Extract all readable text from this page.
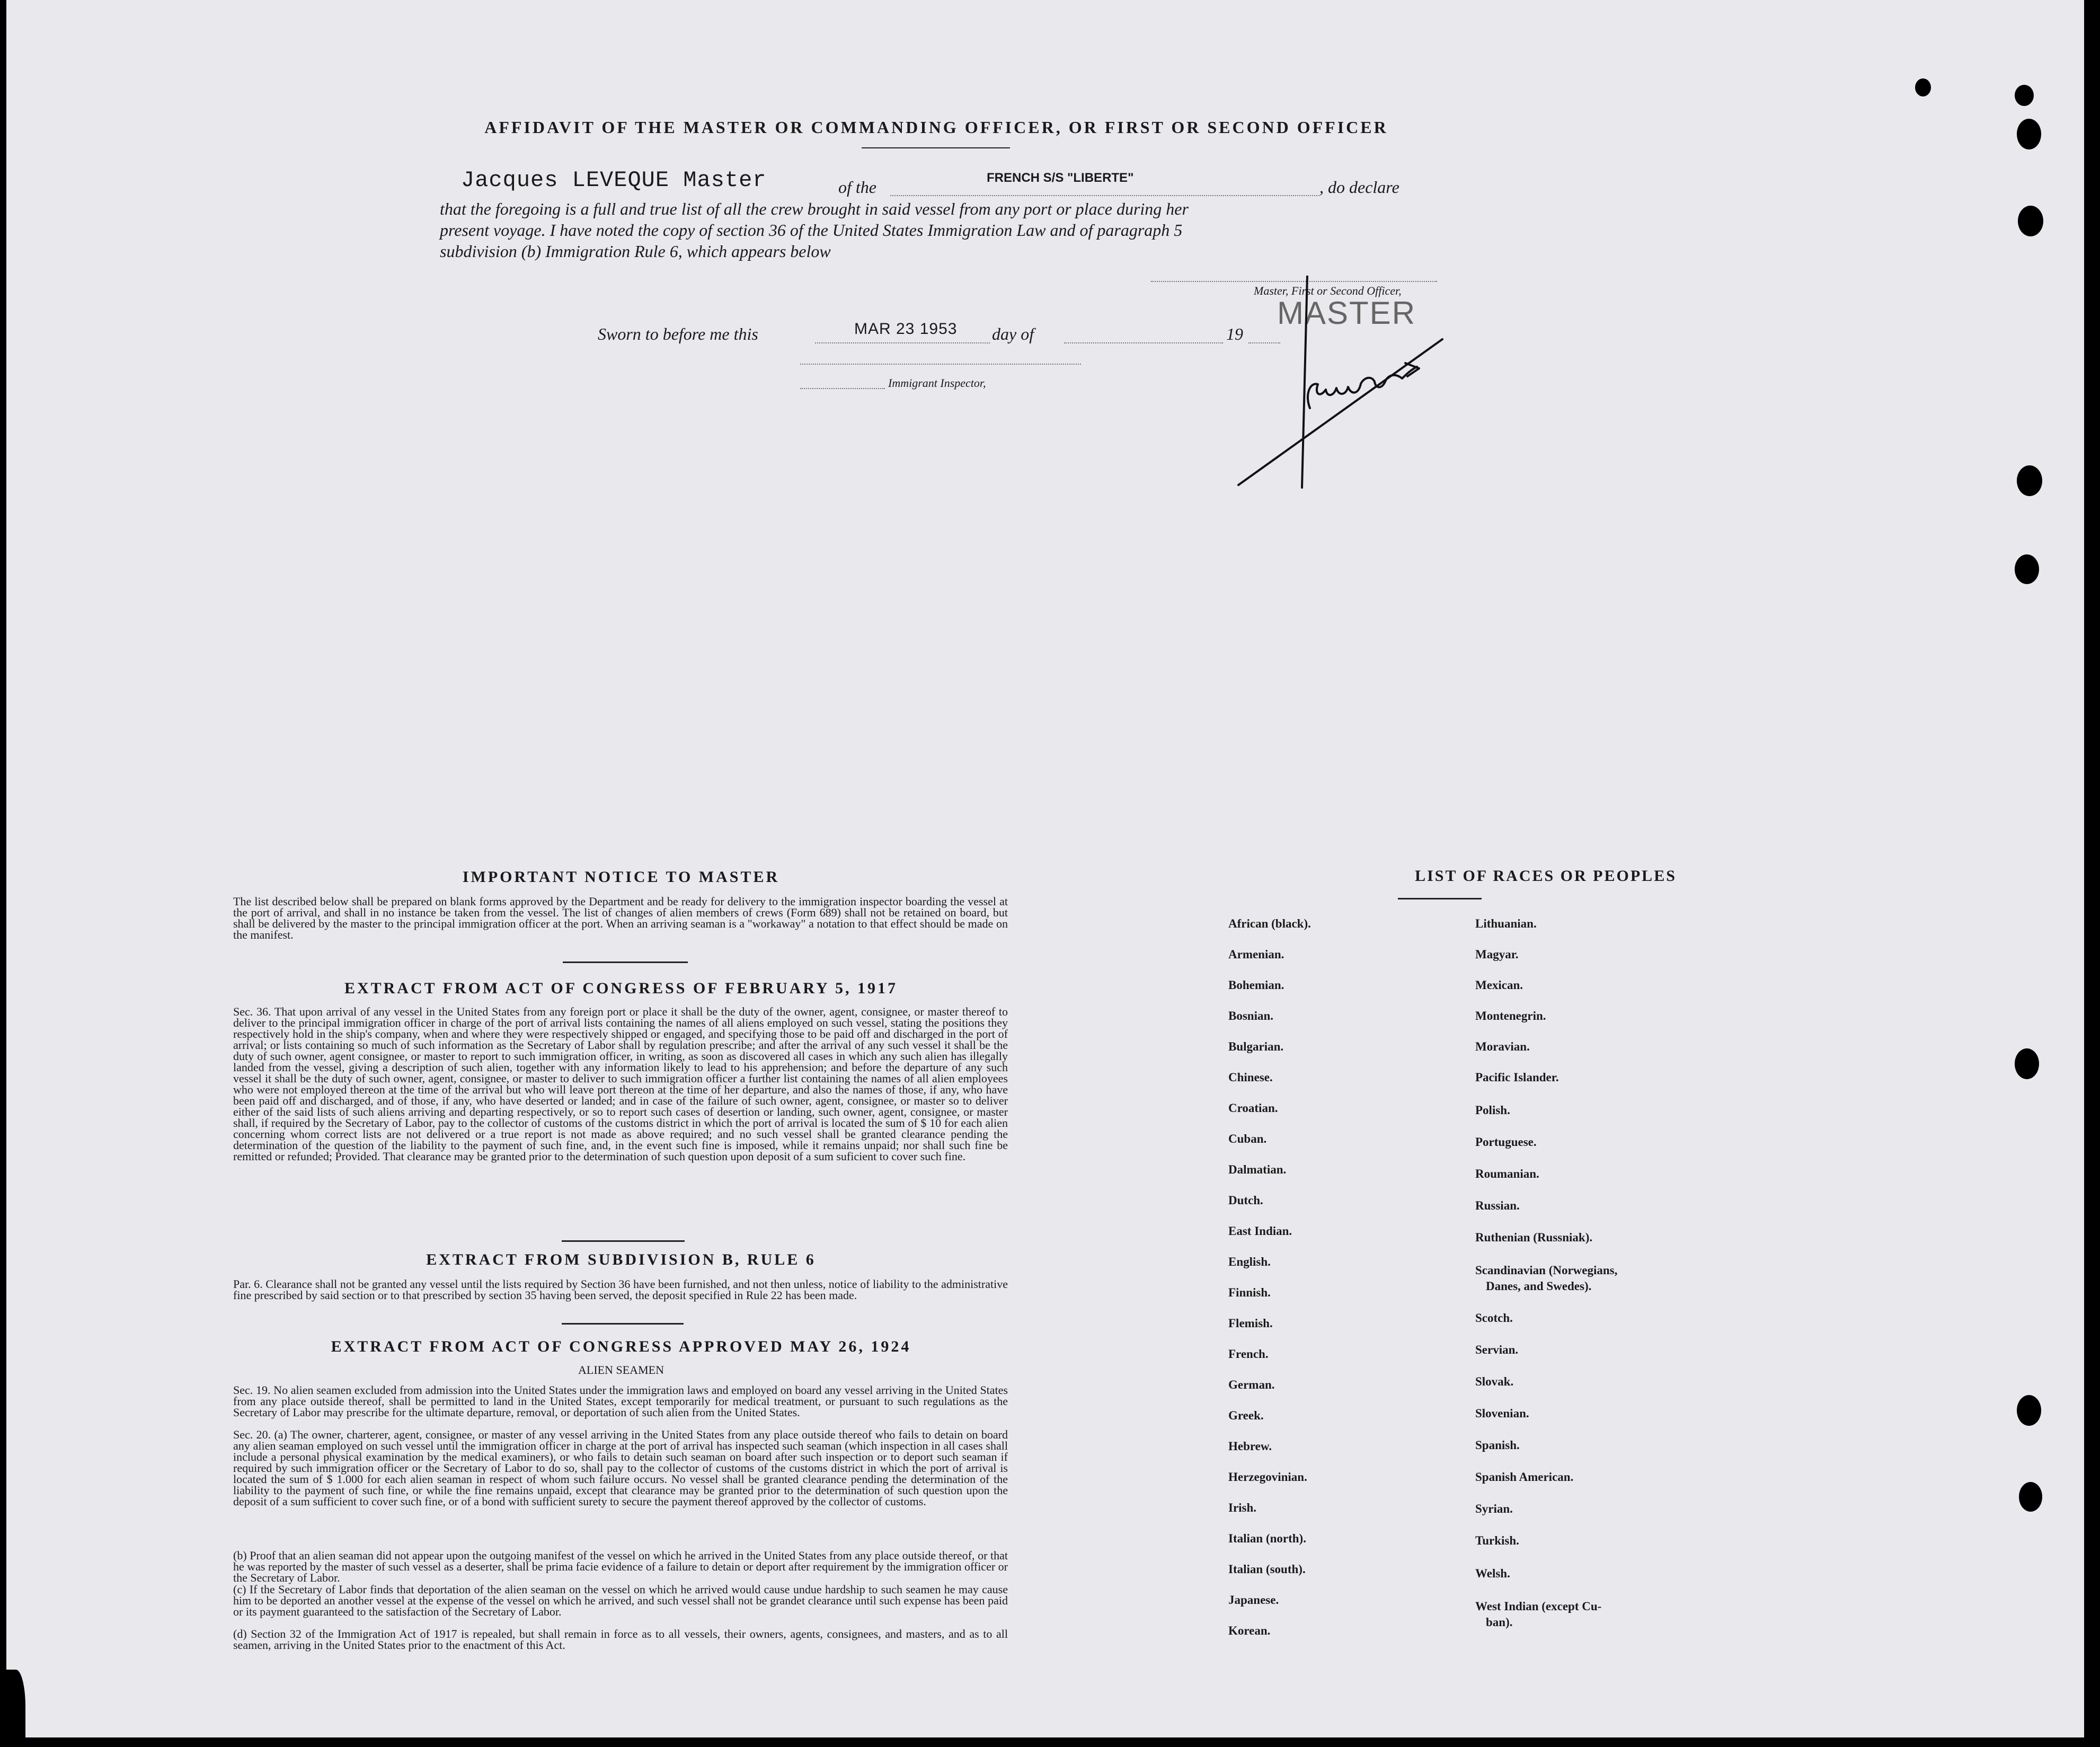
AFFIDAVIT OF THE MASTER OR COMMANDING OFFICER, OR FIRST OR SECOND OFFICER
Jacques LEVEQUE Master	of the	FRENCH S/S "LIBERTE"	, do declare
that the foregoing is a full and true list of all the crew brought in said vessel from any port or place during her
present voyage. I have noted the copy of section 36 of the United States Immigration Law and of paragraph 5
subdivision (b) Immigration Rule 6, which appears below
Master, First or Second Officer,
MASTER
Sworn to before me this	MAR 23 1953 day of	19
Immigrant Inspector,
IMPORTANT NOTICE TO MASTER

The list described below shall be prepared on blank forms approved by the Department and be ready for delivery to the immigration inspector boarding the vessel at the port of arrival, and shall in no instance be taken from the vessel. The list of changes of alien members of crews (Form 689) shall not be retained on board, but shall be delivered by the master to the principal immigration officer at the port. When an arriving seaman is a "workaway" a notation to that effect should be made on the manifest.

EXTRACT FROM ACT OF CONGRESS OF FEBRUARY 5, 1917

Sec. 36. That upon arrival of any vessel in the United States from any foreign port or place it shall be the duty of the owner, agent, consignee, or master thereof to deliver to the principal immigration officer in charge of the port of arrival lists containing the names of all aliens employed on such vessel, stating the positions they respectively hold in the ship's company, when and where they were respectively shipped or engaged, and specifying those to be paid off and discharged in the port of arrival; or lists containing so much of such information as the Secretary of Labor shall by regulation prescribe; and after the arrival of any such vessel it shall be the duty of such owner, agent consignee, or master to report to such immigration officer, in writing, as soon as discovered all cases in which any such alien has illegally landed from the vessel, giving a description of such alien, together with any information likely to lead to his apprehension; and before the departure of any such vessel it shall be the duty of such owner, agent, consignee, or master to deliver to such immigration officer a further list containing the names of all alien employees who were not employed thereon at the time of the arrival but who will leave port thereon at the time of her departure, and also the names of those, if any, who have been paid off and discharged, and of those, if any, who have deserted or landed; and in case of the failure of such owner, agent, consignee, or master so to deliver either of the said lists of such aliens arriving and departing respectively, or so to report such cases of desertion or landing, such owner, agent, consignee, or master shall, if required by the Secretary of Labor, pay to the collector of customs of the customs district in which the port of arrival is located the sum of $ 10 for each alien concerning whom correct lists are not delivered or a true report is not made as above required; and no such vessel shall be granted clearance pending the determination of the question of the liability to the payment of such fine, and, in the event such fine is imposed, while it remains unpaid; nor shall such fine be remitted or refunded; Provided. That clearance may be granted prior to the determination of such question upon deposit of a sum suficient to cover such fine.

EXTRACT FROM SUBDIVISION B, RULE 6

Par. 6. Clearance shall not be granted any vessel until the lists required by Section 36 have been furnished, and not then unless, notice of liability to the administrative fine prescribed by said section or to that prescribed by section 35 having been served, the deposit specified in Rule 22 has been made.

EXTRACT FROM ACT OF CONGRESS APPROVED MAY 26, 1924
ALIEN SEAMEN

Sec. 19. No alien seamen excluded from admission into the United States under the immigration laws and employed on board any vessel arriving in the United States from any place outside thereof, shall be permitted to land in the United States, except temporarily for medical treatment, or pursuant to such regulations as the Secretary of Labor may prescribe for the ultimate departure, removal, or deportation of such alien from the United States.

Sec. 20. (a) The owner, charterer, agent, consignee, or master of any vessel arriving in the United States from any place outside thereof who fails to detain on board any alien seaman employed on such vessel until the immigration officer in charge at the port of arrival has inspected such seaman (which inspection in all cases shall include a personal physical examination by the medical examiners), or who fails to detain such seaman on board after such inspection or to deport such seaman if required by such immigration officer or the Secretary of Labor to do so, shall pay to the collector of customs of the customs district in which the port of arrival is located the sum of $ 1.000 for each alien seaman in respect of whom such failure occurs. No vessel shall be granted clearance pending the determination of the liability to the payment of such fine, or while the fine remains unpaid, except that clearance may be granted prior to the determination of such question upon the deposit of a sum sufficient to cover such fine, or of a bond with sufficient surety to secure the payment thereof approved by the collector of customs.

(b) Proof that an alien seaman did not appear upon the outgoing manifest of the vessel on which he arrived in the United States from any place outside thereof, or that he was reported by the master of such vessel as a deserter, shall be prima facie evidence of a failure to detain or deport after requirement by the immigration officer or the Secretary of Labor.

(c) If the Secretary of Labor finds that deportation of the alien seaman on the vessel on which he arrived would cause undue hardship to such seamen he may cause him to be deported an another vessel at the expense of the vessel on which he arrived, and such vessel shall not be grandet clearance until such expense has been paid or its payment guaranteed to the satisfaction of the Secretary of Labor.

(d) Section 32 of the Immigration Act of 1917 is repealed, but shall remain in force as to all vessels, their owners, agents, consignees, and masters, and as to all seamen, arriving in the United States prior to the enactment of this Act.

LIST OF RACES OR PEOPLES
African (black).
Armenian.
Bohemian.
Bosnian.
Bulgarian.
Chinese.
Croatian.
Cuban.
Dalmatian.
Dutch.
East Indian.
English.
Finnish.
Flemish.
French.
German.
Greek.
Hebrew.
Herzegovinian.
Irish.
Italian (north).
Italian (south).
Japanese.
Korean.
Lithuanian.
Magyar.
Mexican.
Montenegrin.
Moravian.
Pacific Islander.
Polish.
Portuguese.
Roumanian.
Russian.
Ruthenian (Russniak).
Scandinavian (Norwegians,
Danes, and Swedes).
Scotch.
Servian.
Slovak.
Slovenian.
Spanish.
Spanish American.
Syrian.
Turkish.
Welsh.
West Indian (except Cu-
ban).
